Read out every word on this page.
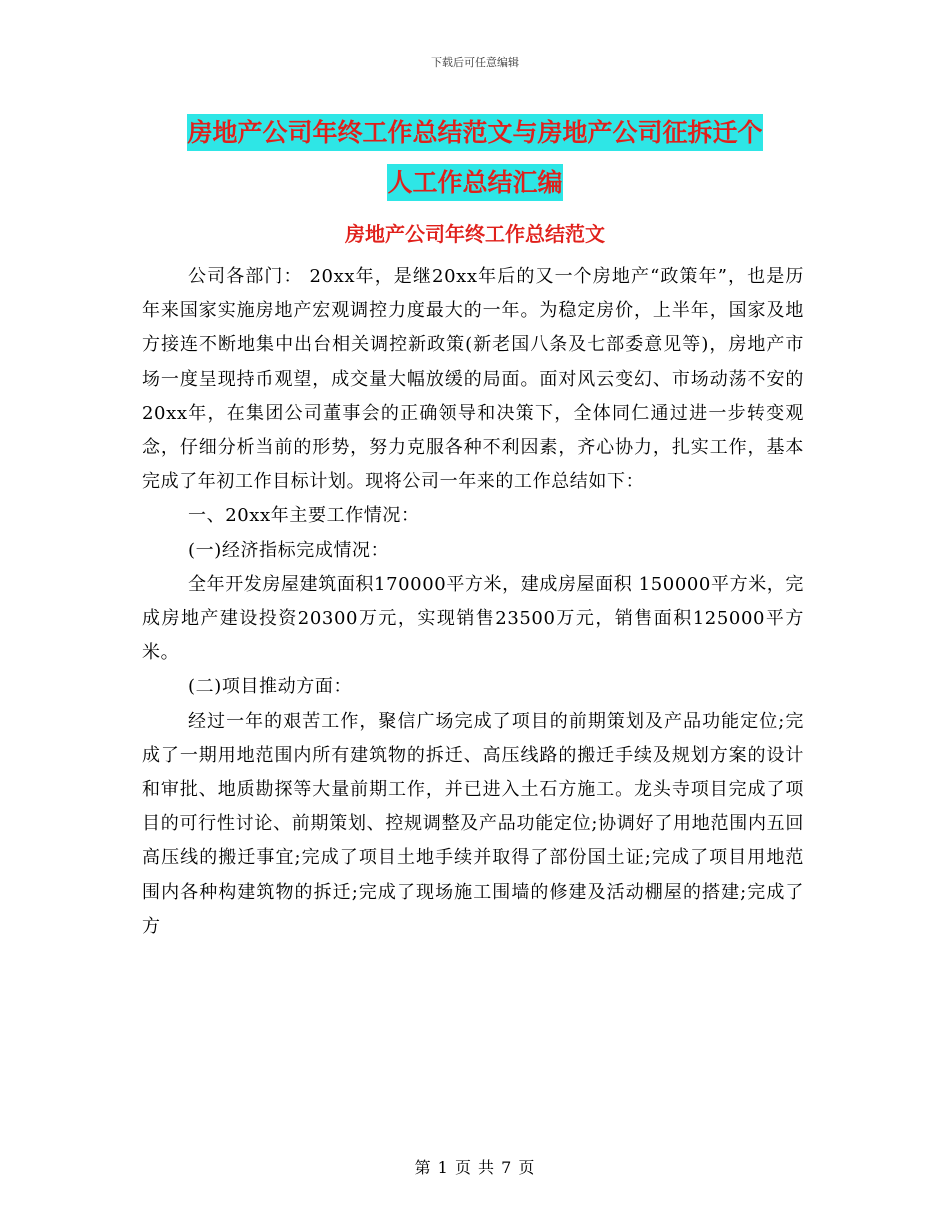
下载后可任意编辑
房地产公司年终工作总结范文与房地产公司征拆迁个
人工作总结汇编
房地产公司年终工作总结范文

公司各部门： 20xx年，是继20xx年后的又一个房地产“政策年”，也是历年来国家实施房地产宏观调控力度最大的一年。为稳定房价，上半年，国家及地方接连不断地集中出台相关调控新政策(新老国八条及七部委意见等)，房地产市场一度呈现持币观望，成交量大幅放缓的局面。面对风云变幻、市场动荡不安的20xx年，在集团公司董事会的正确领导和决策下，全体同仁通过进一步转变观念，仔细分析当前的形势，努力克服各种不利因素，齐心协力，扎实工作，基本完成了年初工作目标计划。现将公司一年来的工作总结如下：

一、20xx年主要工作情况：

(一)经济指标完成情况：

全年开发房屋建筑面积170000平方米，建成房屋面积 150000平方米，完成房地产建设投资20300万元，实现销售23500万元，销售面积125000平方米。

(二)项目推动方面：

经过一年的艰苦工作，聚信广场完成了项目的前期策划及产品功能定位;完成了一期用地范围内所有建筑物的拆迁、高压线路的搬迁手续及规划方案的设计和审批、地质勘探等大量前期工作，并已进入土石方施工。龙头寺项目完成了项目的可行性讨论、前期策划、控规调整及产品功能定位;协调好了用地范围内五回高压线的搬迁事宜;完成了项目土地手续并取得了部份国土证;完成了项目用地范围内各种构建筑物的拆迁;完成了现场施工围墙的修建及活动棚屋的搭建;完成了方

第 1 页 共 7 页
